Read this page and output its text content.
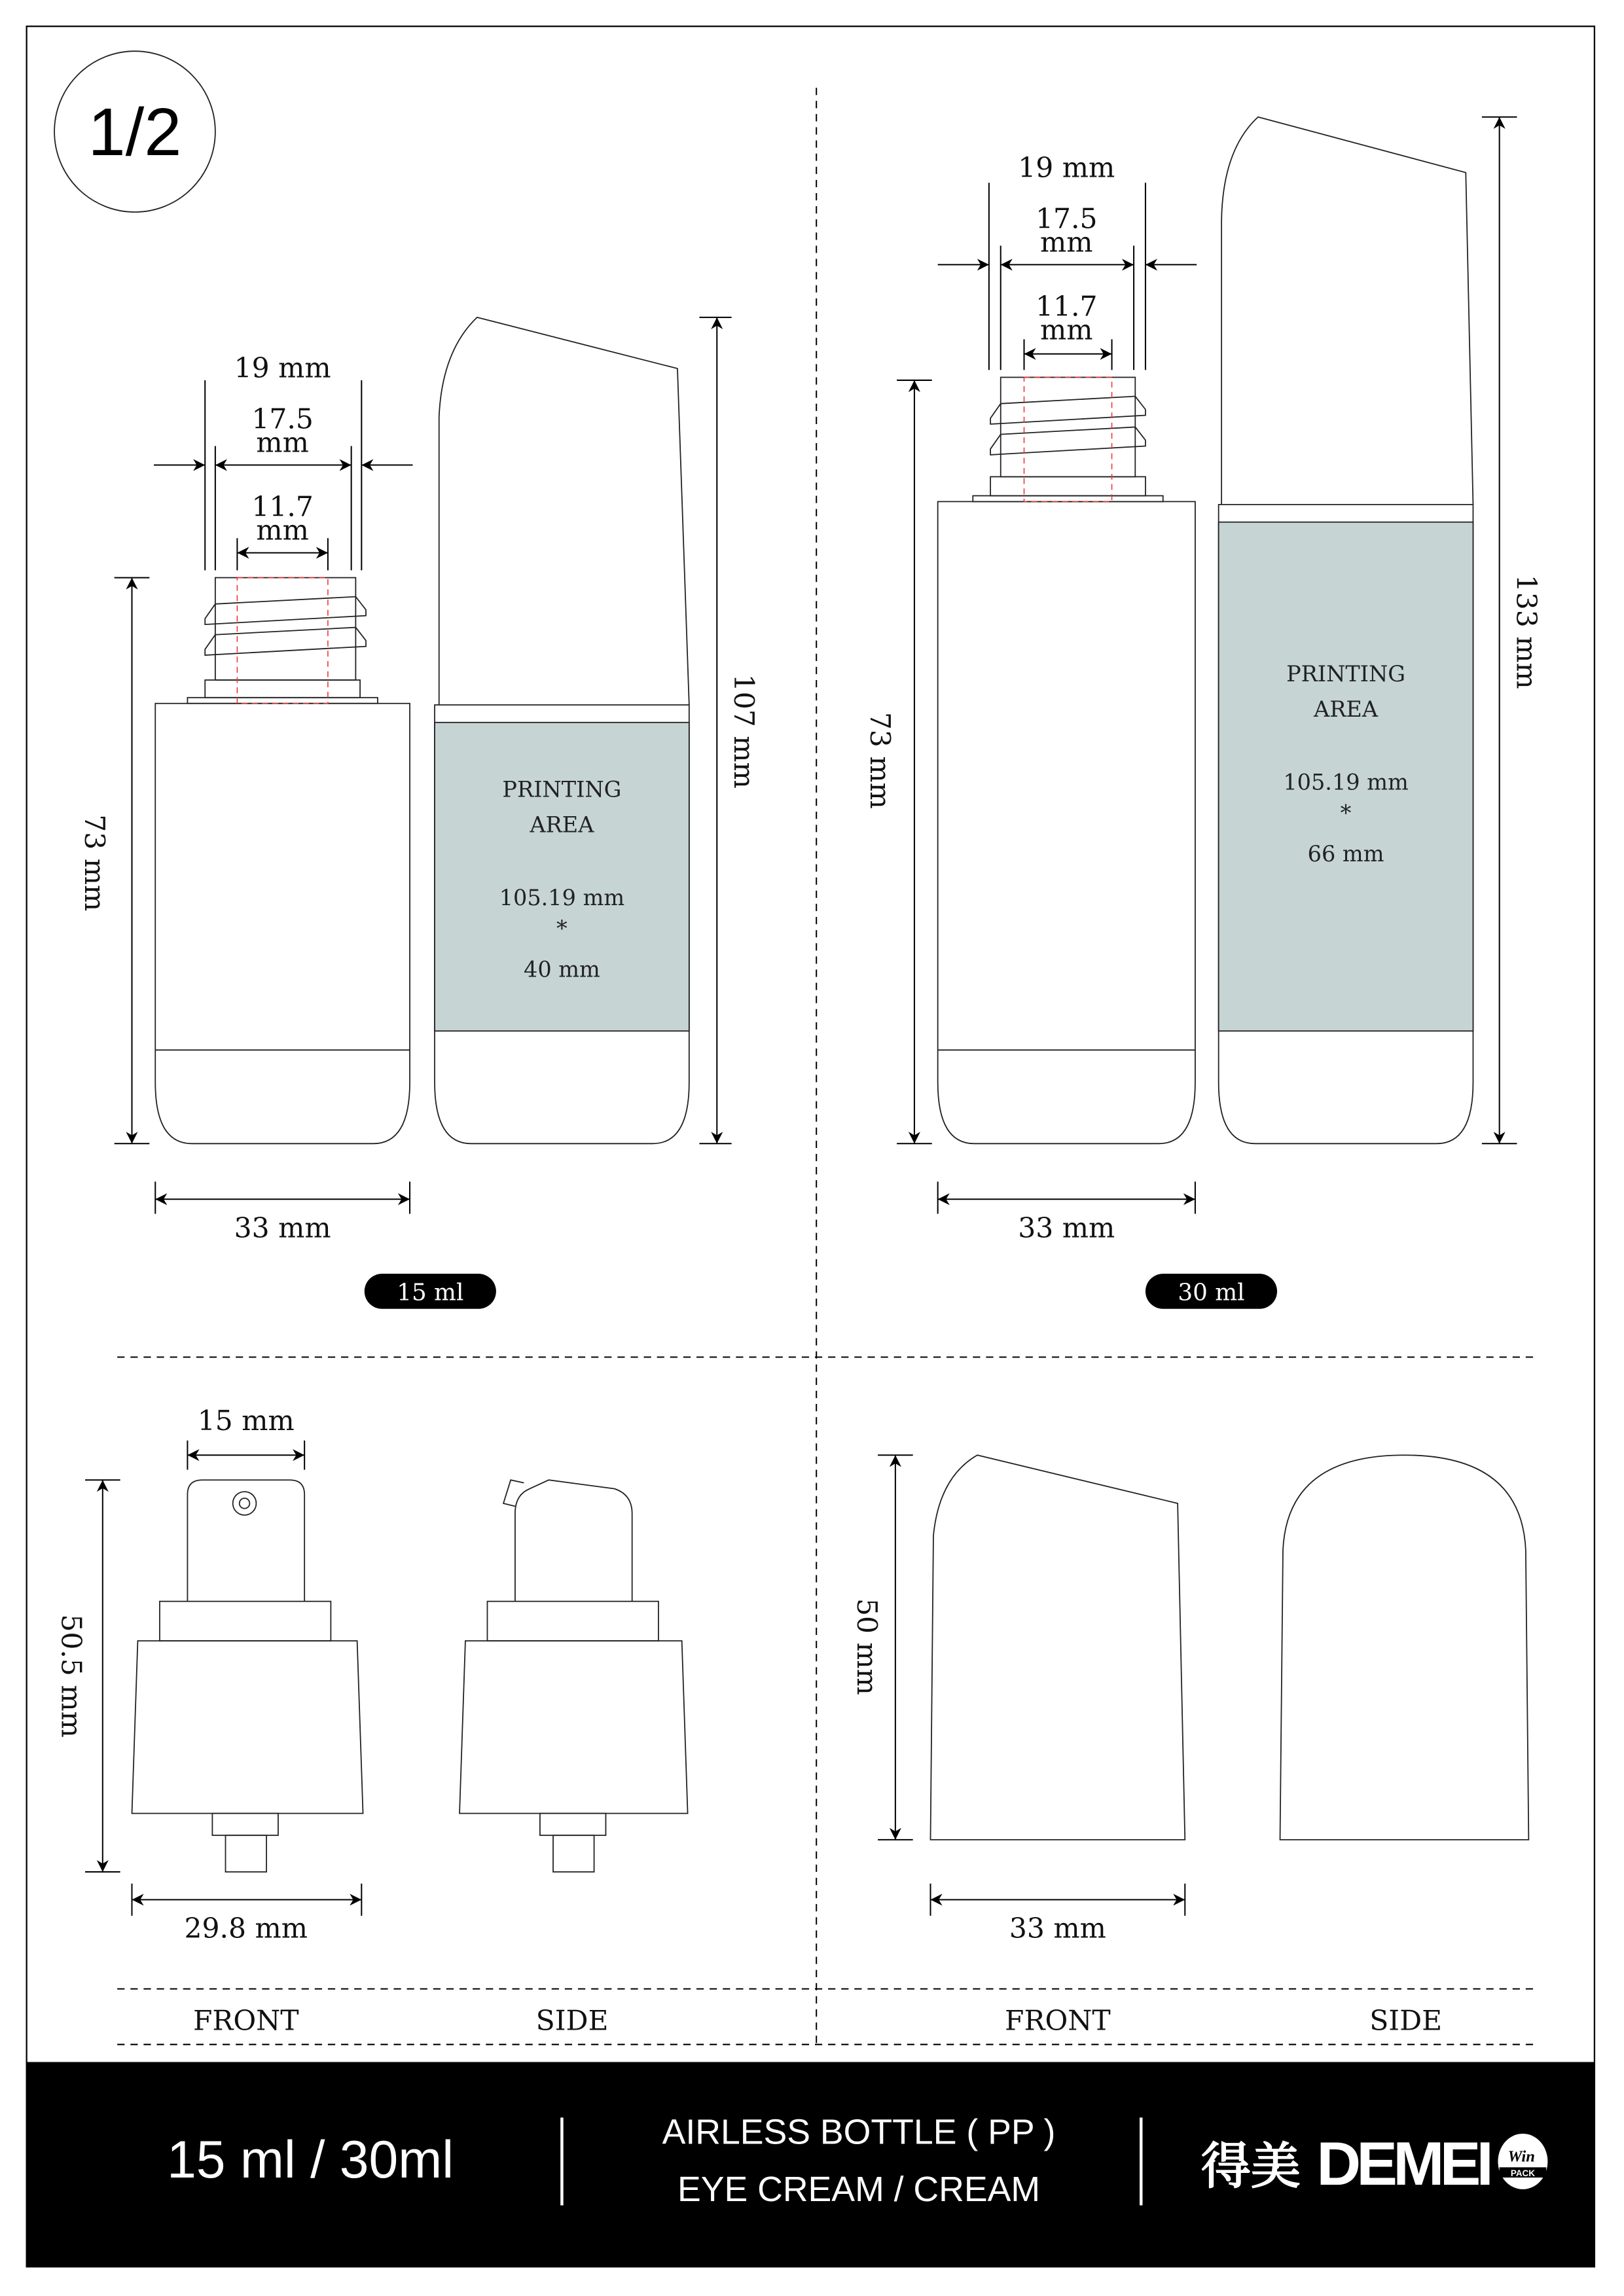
1/2
19 mm
17.5
mm
11.7
mm
73 mm
33 mm
PRINTING
AREA
105.19 mm
*
40 mm
107 mm
15 ml
19 mm
17.5
mm
11.7
mm
73 mm
33 mm
PRINTING
AREA
105.19 mm
*
66 mm
133 mm
30 ml
15 mm
50.5 mm
29.8 mm
FRONT	SIDE
50 mm
33 mm
FRONT	SIDE
15 ml / 30ml	AIRLESS BOTTLE ( PP )
EYE CREAM / CREAM	得美 DEMEI	Win
PACK
